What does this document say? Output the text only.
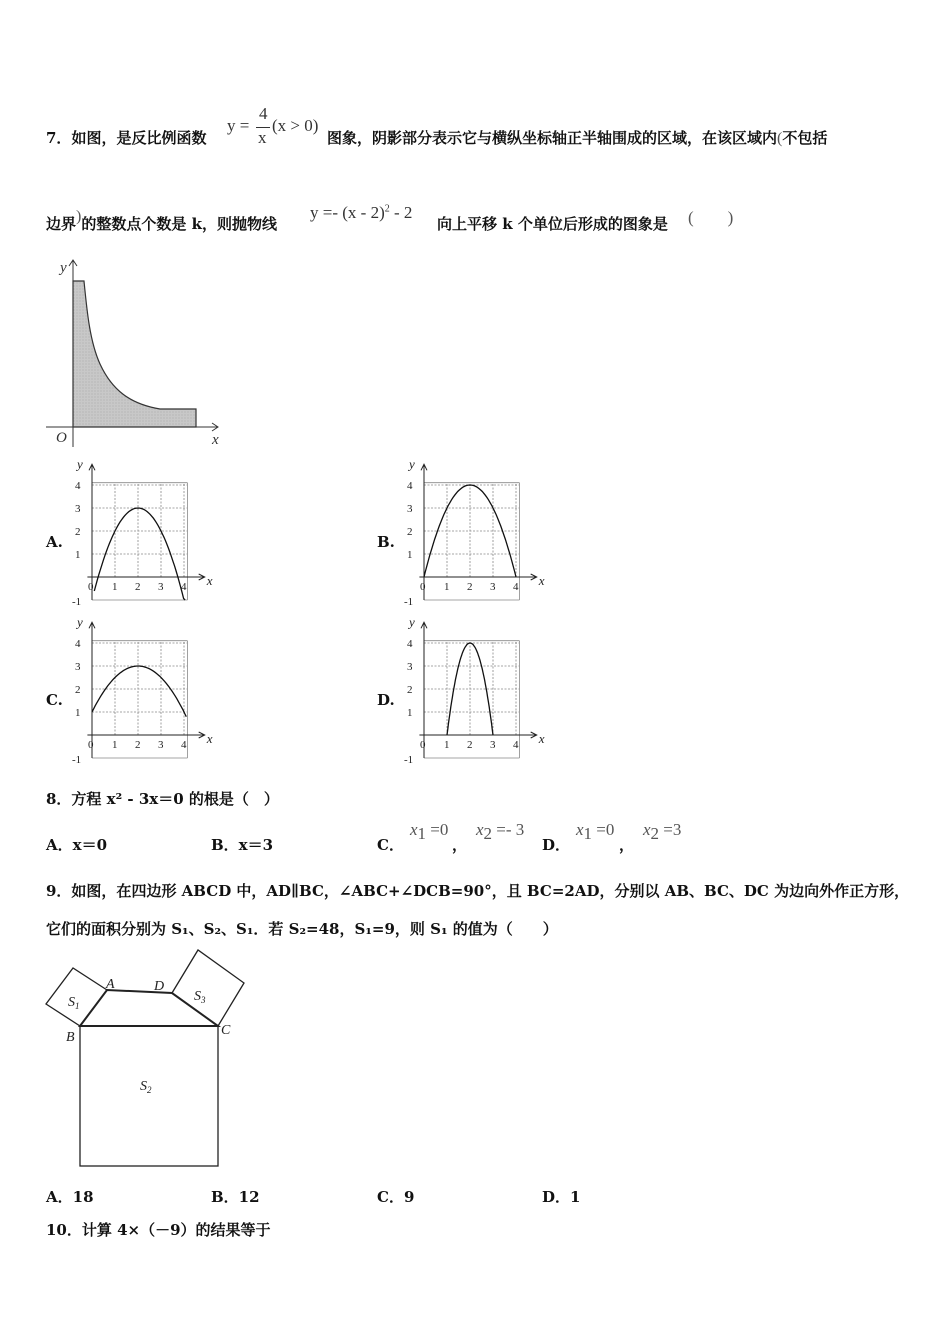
7．如图，是反比例函数
y =
4
x
(x > 0)
图象，阴影部分表示它与横纵坐标轴正半轴围成的区域，在该区域内(不包括
边界)的整数点个数是 k，则抛物线
y =- (x - 2)$^2$ - 2
向上平移 k 个单位后形成的图象是 (　　)
y
x
O
A.	B.
C.	D.
4
3
2
1
0 1 2 3 4
-1
x
y
4
3
2
1
0 1 2 3 4
-1
x
y
4
3
2
1
0 1 2 3 4
-1
x
y
4
3
2
1
0 1 2 3 4
-1
x
y
8．方程 x² - 3x＝0 的根是（　）
A．x＝0	B．x＝3	C．
$x_1 =0$
，
$x_2 =- 3$
D．
$x_1 =0$
，
$x_2 =3$
9．如图，在四边形 ABCD 中，AD∥BC，∠ABC+∠DCB=90°，且 BC=2AD，分别以 AB、BC、DC 为边向外作正方形，
它们的面积分别为 S₁、S₂、S₁．若 S₂=48，S₁=9，则 S₁ 的值为（　　）
A	D
B	C
$S_1$
$S_3$
$S_2$
A．18	B．12	C．9	D．1
10．计算 4×（－9）的结果等于
